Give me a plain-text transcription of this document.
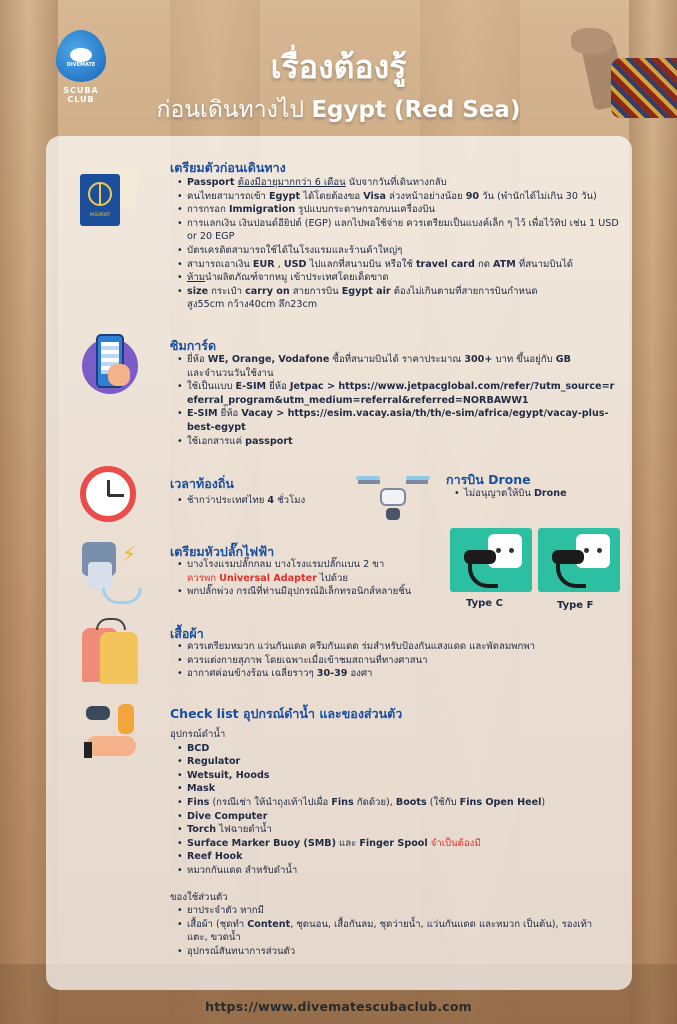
DIVEMATE
SCUBA CLUB
เรื่องต้องรู้
ก่อนเดินทางไป Egypt (Red Sea)
PASSPORT
เตรียมตัวก่อนเดินทาง
• Passport ต้องมีอายุมากกว่า 6 เดือน นับจากวันที่เดินทางกลับ
• คนไทยสามารถเข้า Egypt ได้โดยต้องขอ Visa ล่วงหน้าอย่างน้อย 90 วัน (พำนักได้ไม่เกิน 30 วัน)
• การกรอก Immigration รูปแบบกระดาษกรอกบนเครื่องบิน
• การแลกเงิน เงินปอนด์อียิปต์ (EGP) แลกไปพอใช้จ่าย ควรเตรียมเป็นแบงค์เล็ก ๆ ไว้ เพื่อไว้ทิป เช่น 1 USD or 20 EGP
• บัตรเครดิตสามารถใช้ได้ในโรงแรมและร้านค้าใหญ่ๆ
• สามารถเอาเงิน EUR , USD ไปแลกที่สนามบิน หรือใช้ travel card กด ATM ที่สนามบินได้
• ห้ามนำผลิตภัณฑ์จากหมู เข้าประเทศโดยเด็ดขาด
• size กระเป๋า carry on สายการบิน Egypt air ต้องไม่เกินตามที่สายการบินกำหนด
สูง55cm กว้าง40cm ลึก23cm
ซิมการ์ด
• ยี่ห้อ WE, Orange, Vodafone ซื้อที่สนามบินได้ ราคาประมาณ 300+ บาท ขึ้นอยู่กับ GB
และจำนวนวันใช้งาน
• ใช้เป็นแบบ E-SIM ยี่ห้อ Jetpac > https://www.jetpacglobal.com/refer/?utm_source=referral_program&utm_medium=referral&referred=NORBAWW1
• E-SIM ยี่ห้อ Vacay > https://esim.vacay.asia/th/th/e-sim/africa/egypt/vacay-plus-best-egypt
• ใช้เอกสารแค่ passport
เวลาท้องถิ่น
• ช้ากว่าประเทศไทย 4 ชั่วโมง
การบิน Drone
• ไม่อนุญาตให้บิน Drone
⚡	เตรียมหัวปลั๊กไฟฟ้า
• บางโรงแรมปลั๊กกลม บางโรงแรมปลั๊กแบน 2 ขา
ควรพก Universal Adapter ไปด้วย
• พกปลั๊กพ่วง กรณีที่ท่านมีอุปกรณ์อิเล็กทรอนิกส์หลายชิ้น
Type C	Type F
เสื้อผ้า
• ควรเตรียมหมวก แว่นกันแดด ครีมกันแดด ร่มสำหรับป้องกันแสงแดด และพัดลมพกพา
• ควรแต่งกายสุภาพ โดยเฉพาะเมื่อเข้าชมสถานที่ทางศาสนา
• อากาศค่อนข้างร้อน เฉลี่ยราวๆ 30-39 องศา
Check list อุปกรณ์ดำน้ำ และของส่วนตัว
อุปกรณ์ดำน้ำ
• BCD
• Regulator
• Wetsuit, Hoods
• Mask
• Fins (กรณีเช่า ให้นำถุงเท้าไปเผื่อ Fins กัดด้วย), Boots (ใช้กับ Fins Open Heel)
• Dive Computer
• Torch ไฟฉายดำน้ำ
• Surface Marker Buoy (SMB) และ Finger Spool จำเป็นต้องมี
• Reef Hook
• หมวกกันแดด สำหรับดำน้ำ
ของใช้ส่วนตัว
• ยาประจำตัว หากมี
• เสื้อผ้า (ชุดทำ Content, ชุดนอน, เสื้อกันลม, ชุดว่ายน้ำ, แว่นกันแดด และหมวก เป็นต้น), รองเท้าแตะ, ขวดน้ำ
• อุปกรณ์สันทนาการส่วนตัว
https://www.divematescubaclub.com
